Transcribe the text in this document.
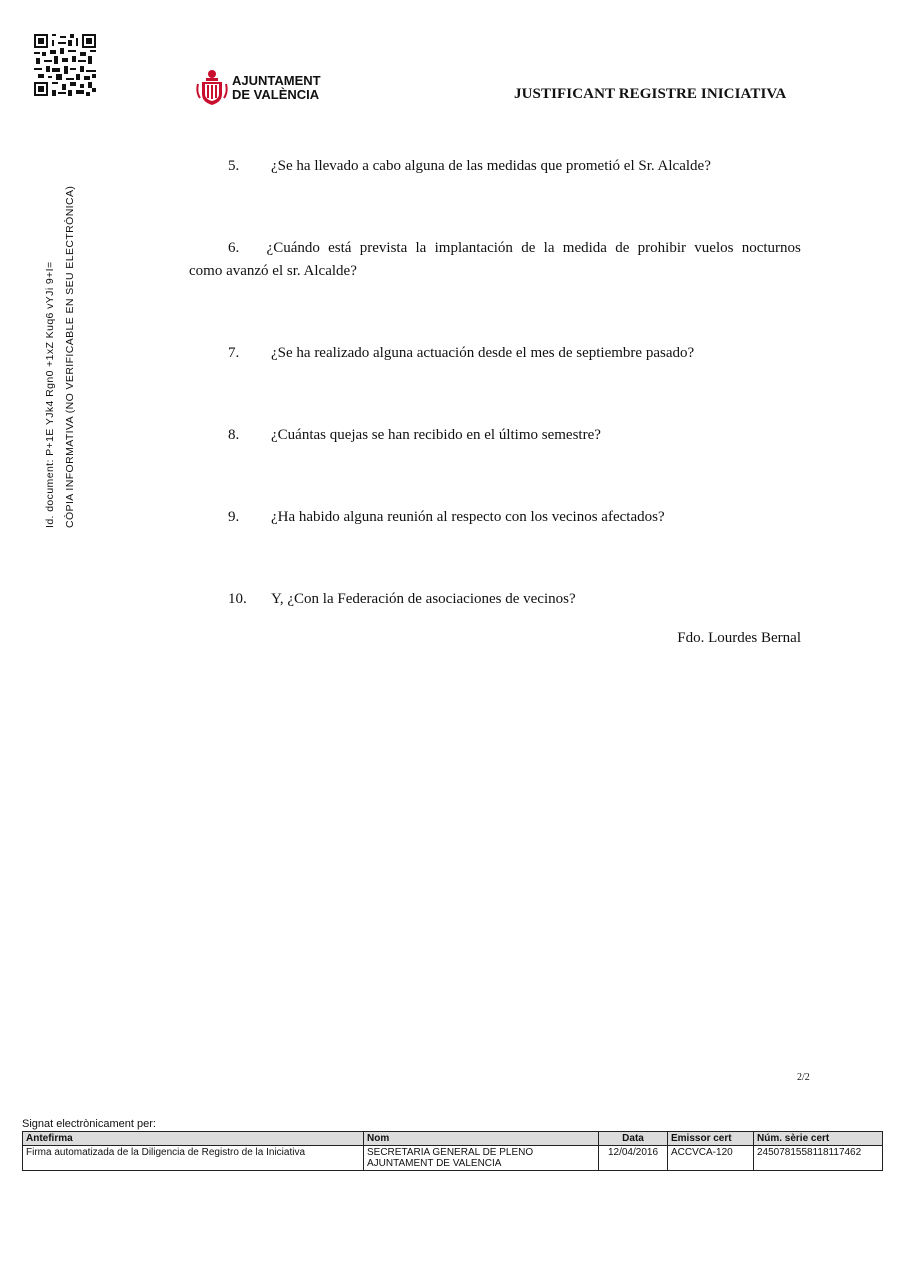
AJUNTAMENT
DE VALÈNCIA	JUSTIFICANT REGISTRE INICIATIVA
Id. document: P+1E YJk4 Rgn0 +1xZ Kuq6 vYJi 9+I= CÒPIA INFORMATIVA (NO VERIFICABLE EN SEU ELECTRÒNICA)
5. ¿Se ha llevado a cabo alguna de las medidas que prometió el Sr. Alcalde?
6. ¿Cuándo está prevista la implantación de la medida de prohibir vuelos nocturnos
como avanzó el sr. Alcalde?
7. ¿Se ha realizado alguna actuación desde el mes de septiembre pasado?
8. ¿Cuántas quejas se han recibido en el último semestre?
9. ¿Ha habido alguna reunión al respecto con los vecinos afectados?
10. Y, ¿Con la Federación de asociaciones de vecinos?
Fdo. Lourdes Bernal
2/2
Signat electrònicament per:
Antefirma	Nom	Data	Emissor cert	Núm. sèrie cert
Firma automatizada de la Diligencia de Registro de la Iniciativa	SECRETARIA GENERAL DE PLENO
AJUNTAMENT DE VALENCIA	12/04/2016	ACCVCA-120	2450781558118117462
